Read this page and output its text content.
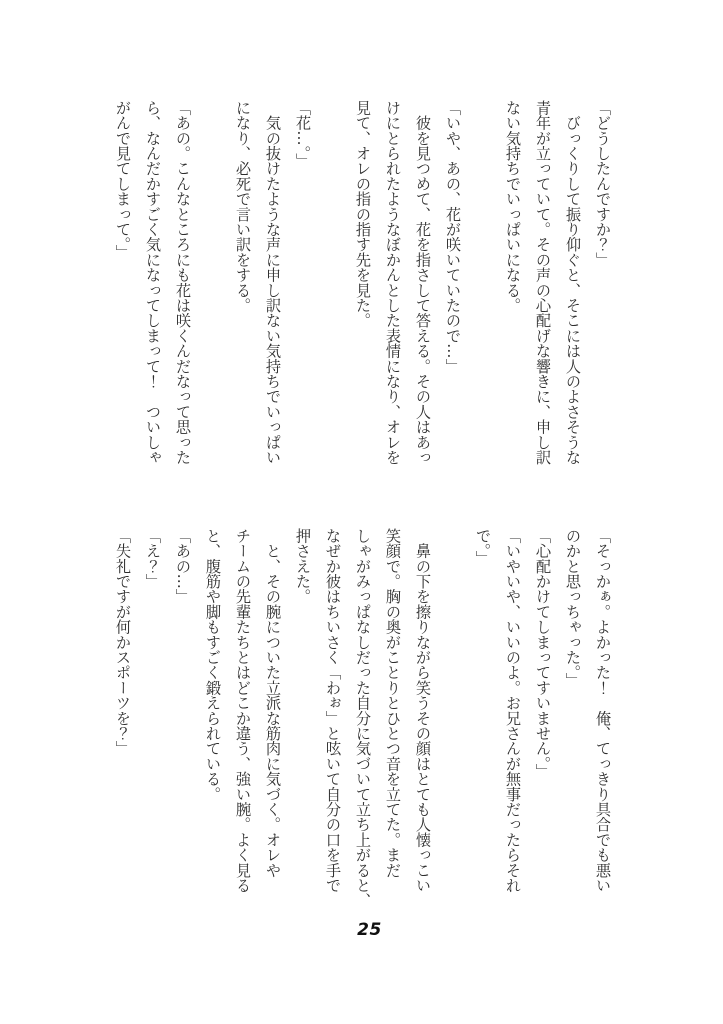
「どうしたんですか？」
　びっくりして振り仰ぐと、そこには人のよさそうな
青年が立っていて。その声の心配げな響きに、申し訳
ない気持ちでいっぱいになる。
「いや、あの、花が咲いていたので…」
　彼を見つめて、花を指さして答える。その人はあっ
けにとられたようなぼかんとした表情になり、オレを
見て、オレの指の指す先を見た。
「花…。」
　気の抜けたような声に申し訳ない気持ちでいっぱい
になり、必死で言い訳をする。
「あの。こんなところにも花は咲くんだなって思った
ら、なんだかすごく気になってしまって！　ついしゃ
がんで見てしまって。」
「そっかぁ。よかった！　俺、てっきり具合でも悪い
のかと思っちゃった。」
「心配かけてしまってすいません。」
「いやいや、いいのよ。お兄さんが無事だったらそれ
で。」
　鼻の下を擦りながら笑うその顔はとても人懐っこい
笑顔で。胸の奥がことりとひとつ音を立てた。まだ
しゃがみっぱなしだった自分に気づいて立ち上がると、
なぜか彼はちいさく「わぉ」と呟いて自分の口を手で
押さえた。
　と、その腕についた立派な筋肉に気づく。オレや
チームの先輩たちとはどこか違う、強い腕。よく見る
と、腹筋や脚もすごく鍛えられている。
「あの…」
「え？」
「失礼ですが何かスポーツを？」
25
